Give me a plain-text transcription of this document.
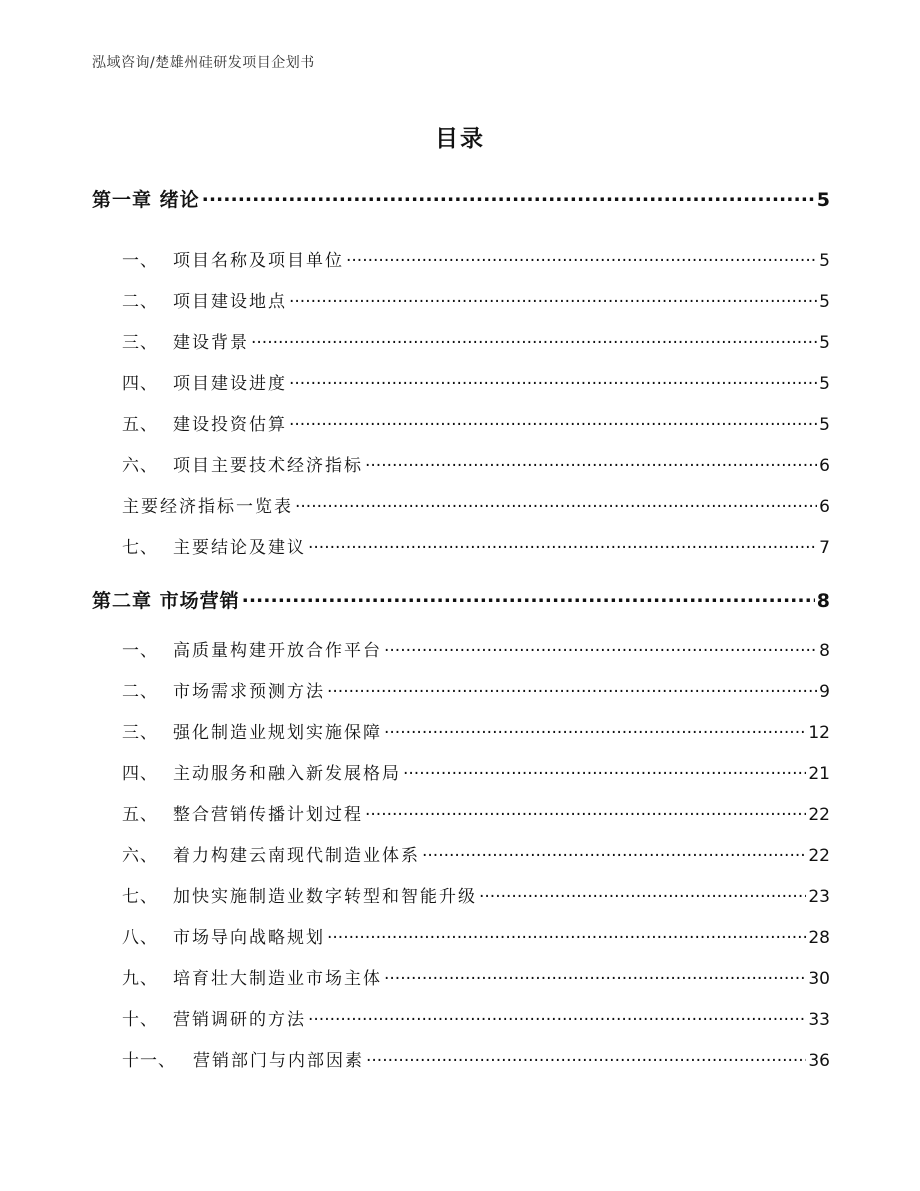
泓域咨询/楚雄州硅研发项目企划书
目录
第一章 绪论 .....	5
一、 项目名称及项目单位 .....	5
二、 项目建设地点 .....	5
三、 建设背景 .....	5
四、 项目建设进度 .....	5
五、 建设投资估算 .....	5
六、 项目主要技术经济指标 .....	6
主要经济指标一览表 .....	6
七、 主要结论及建议 .....	7
第二章 市场营销 .....	8
一、 高质量构建开放合作平台 .....	8
二、 市场需求预测方法 .....	9
三、 强化制造业规划实施保障 .....	12
四、 主动服务和融入新发展格局 .....	21
五、 整合营销传播计划过程 .....	22
六、 着力构建云南现代制造业体系 .....	22
七、 加快实施制造业数字转型和智能升级 .....	23
八、 市场导向战略规划 .....	28
九、 培育壮大制造业市场主体 .....	30
十、 营销调研的方法 .....	33
十一、	营销部门与内部因素 .....	36
